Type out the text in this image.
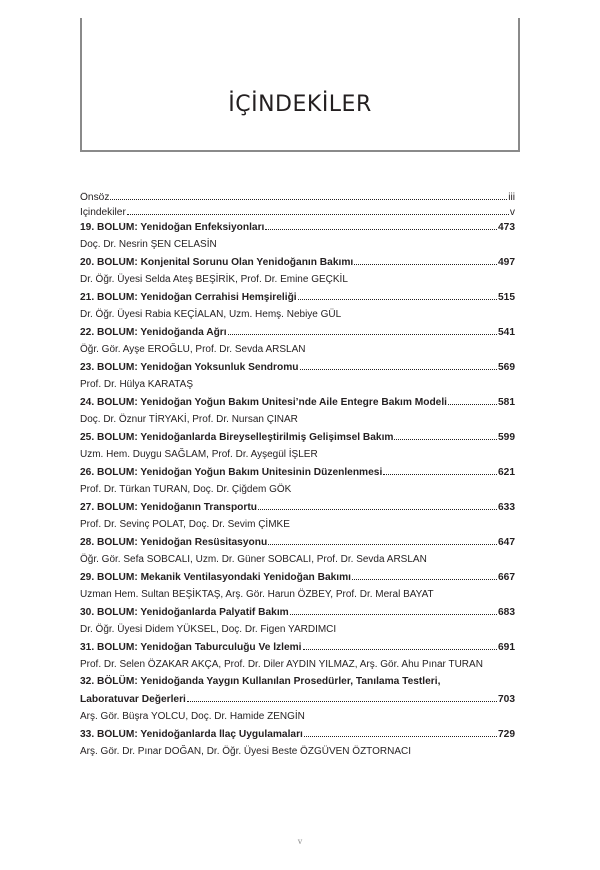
İÇİNDEKİLER
Önsöz	iii
İçindekiler	v
19. BÖLÜM: Yenidoğan Enfeksiyonları	473
Doç. Dr. Nesrin ŞEN CELASİN
20. BÖLÜM: Konjenital Sorunu Olan Yenidoğanın Bakımı	497
Dr. Öğr. Üyesi Selda Ateş BEŞİRİK, Prof. Dr. Emine GEÇKİL
21. BÖLÜM: Yenidoğan Cerrahisi Hemşireliği	515
Dr. Öğr. Üyesi Rabia KEÇİALAN, Uzm. Hemş. Nebiye GÜL
22. BÖLÜM: Yenidoğanda Ağrı	541
Öğr. Gör. Ayşe EROĞLU, Prof. Dr. Sevda ARSLAN
23. BÖLÜM: Yenidoğan Yoksunluk Sendromu	569
Prof. Dr. Hülya KARATAŞ
24. BÖLÜM: Yenidoğan Yoğun Bakım Ünitesi’nde Aile Entegre Bakım Modeli	581
Doç. Dr. Öznur TİRYAKİ, Prof. Dr. Nursan ÇINAR
25. BÖLÜM: Yenidoğanlarda Bireyselleştirilmiş Gelişimsel Bakım	599
Uzm. Hem. Duygu SAĞLAM, Prof. Dr. Ayşegül İŞLER
26. BÖLÜM: Yenidoğan Yoğun Bakım Ünitesinin Düzenlenmesi	621
Prof. Dr. Türkan TURAN, Doç. Dr. Çiğdem GÖK
27. BÖLÜM: Yenidoğanın Transportu	633
Prof. Dr. Sevinç POLAT, Doç. Dr. Sevim ÇİMKE
28. BÖLÜM: Yenidoğan Resüsitasyonu	647
Öğr. Gör. Sefa SOBCALI, Uzm. Dr. Güner SOBCALI, Prof. Dr. Sevda ARSLAN
29. BÖLÜM: Mekanik Ventilasyondaki Yenidoğan Bakımı	667
Uzman Hem. Sultan BEŞİKTAŞ, Arş. Gör. Harun ÖZBEY, Prof. Dr. Meral BAYAT
30. BÖLÜM: Yenidoğanlarda Palyatif Bakım	683
Dr. Öğr. Üyesi Didem YÜKSEL, Doç. Dr. Figen YARDIMCI
31. BÖLÜM: Yenidoğan Taburculuğu Ve İzlemi	691
Prof. Dr. Selen ÖZAKAR AKÇA, Prof. Dr. Diler AYDIN YILMAZ, Arş. Gör. Ahu Pınar TURAN
32. BÖLÜM: Yenidoğanda Yaygın Kullanılan Prosedürler, Tanılama Testleri,
Laboratuvar Değerleri	703
Arş. Gör. Büşra YOLCU, Doç. Dr. Hamide ZENGİN
33. BÖLÜM: Yenidoğanlarda İlaç Uygulamaları	729
Arş. Gör. Dr. Pınar DOĞAN, Dr. Öğr. Üyesi Beste ÖZGÜVEN ÖZTORNACI
v
